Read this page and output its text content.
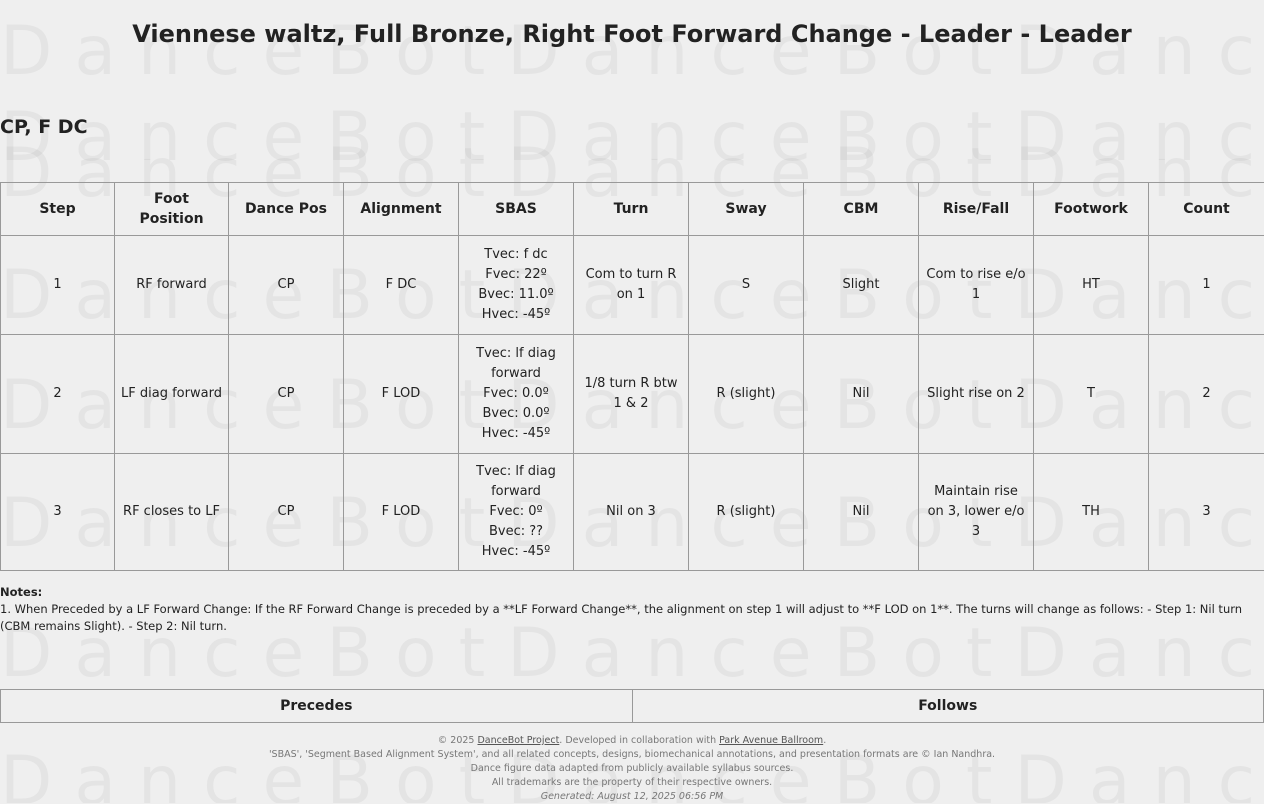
Viennese waltz, Full Bronze, Right Foot Forward Change - Leader - Leader
CP, F DC
Step	Foot Position	Dance Pos	Alignment	SBAS	Turn	Sway	CBM	Rise/Fall	Footwork	Count
1	RF forward	CP	F DC	Tvec: f dc
Fvec: 22º
Bvec: 11.0º
Hvec: -45º	Com to turn R on 1	S	Slight	Com to rise e/o 1	HT	1
2	LF diag forward	CP	F LOD	Tvec: lf diag forward
Fvec: 0.0º
Bvec: 0.0º
Hvec: -45º	1/8 turn R btw 1 & 2	R (slight)	Nil	Slight rise on 2	T	2
3	RF closes to LF	CP	F LOD	Tvec: lf diag forward
Fvec: 0º
Bvec: ??
Hvec: -45º	Nil on 3	R (slight)	Nil	Maintain rise on 3, lower e/o 3	TH	3
Notes:
1. When Preceded by a LF Forward Change: If the RF Forward Change is preceded by a **LF Forward Change**, the alignment on step 1 will adjust to **F LOD on 1**. The turns will change as follows: - Step 1: Nil turn (CBM remains Slight). - Step 2: Nil turn.
Precedes	Follows
© 2025 DanceBot Project. Developed in collaboration with Park Avenue Ballroom.
'SBAS', 'Segment Based Alignment System', and all related concepts, designs, biomechanical annotations, and presentation formats are © Ian Nandhra.
Dance figure data adapted from publicly available syllabus sources.
All trademarks are the property of their respective owners.
Generated: August 12, 2025 06:56 PM
